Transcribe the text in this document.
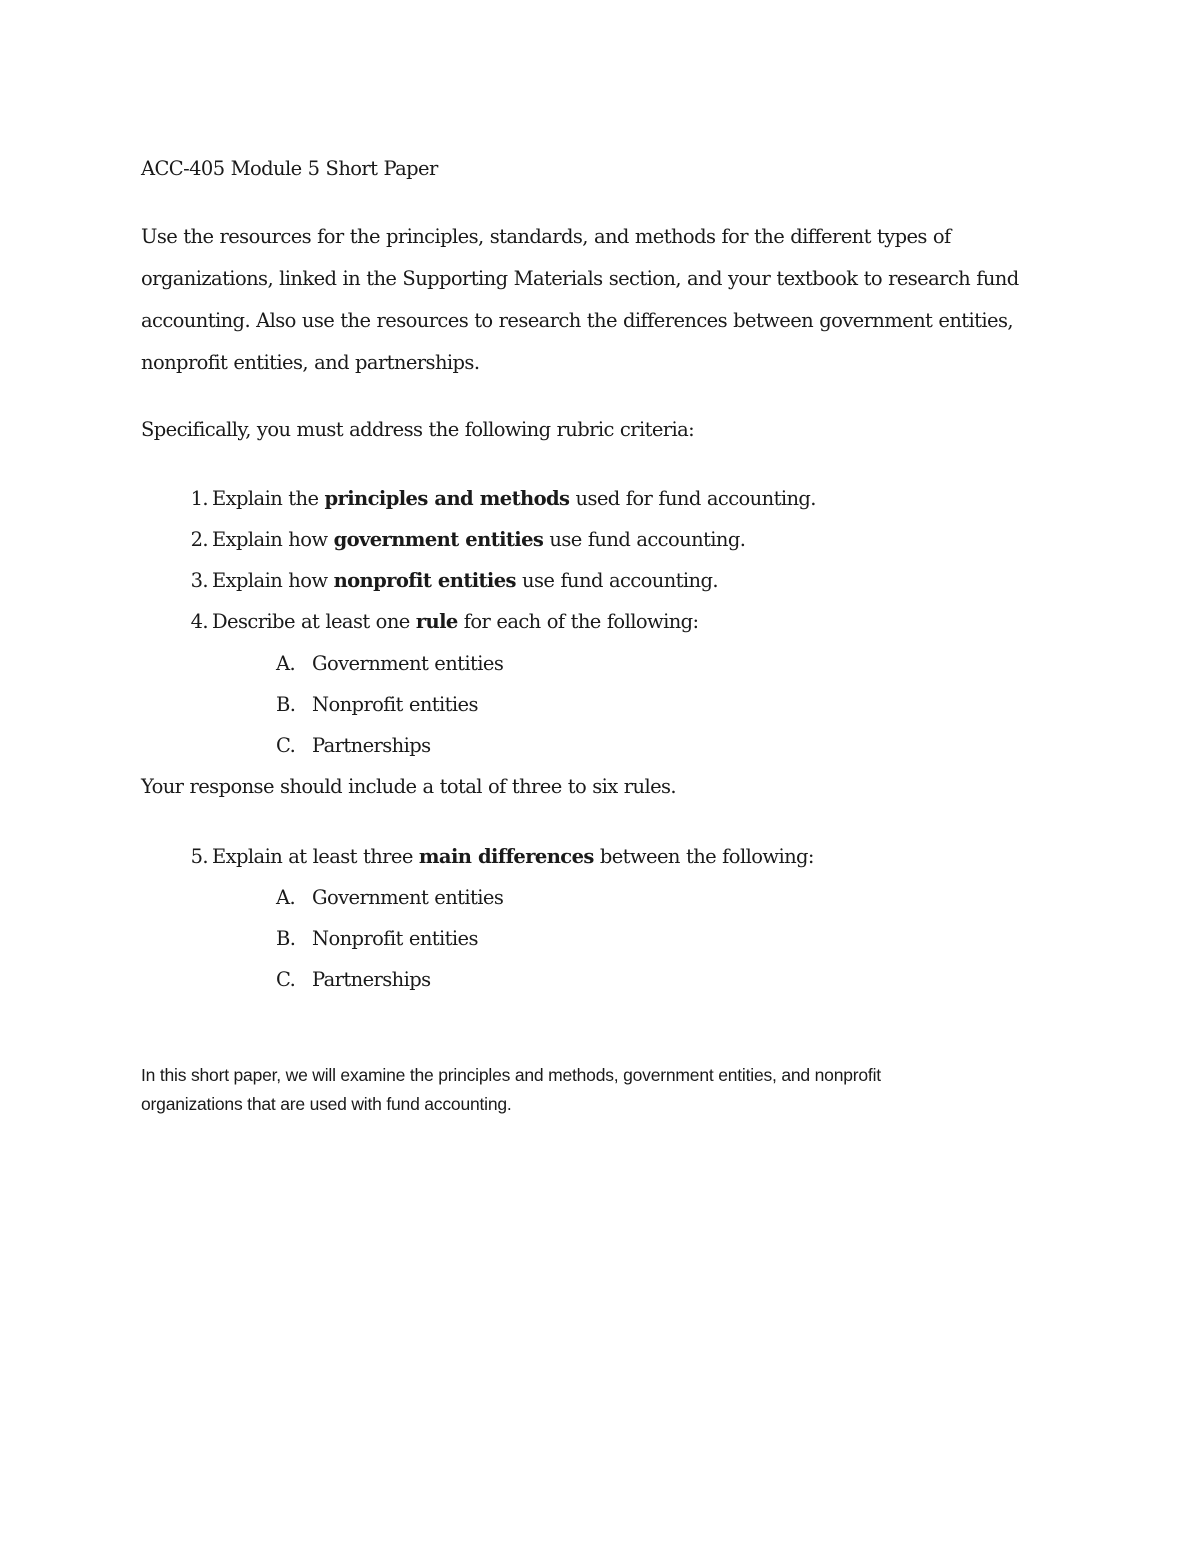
ACC-405 Module 5 Short Paper
Use the resources for the principles, standards, and methods for the different types of
organizations, linked in the Supporting Materials section, and your textbook to research fund
accounting. Also use the resources to research the differences between government entities,
nonprofit entities, and partnerships.
Specifically, you must address the following rubric criteria:
1. Explain the principles and methods used for fund accounting.
2. Explain how government entities use fund accounting.
3. Explain how nonprofit entities use fund accounting.
4. Describe at least one rule for each of the following:
A. Government entities
B. Nonprofit entities
C. Partnerships
Your response should include a total of three to six rules.
5. Explain at least three main differences between the following:
A. Government entities
B. Nonprofit entities
C. Partnerships
In this short paper, we will examine the principles and methods, government entities, and nonprofit
organizations that are used with fund accounting.
